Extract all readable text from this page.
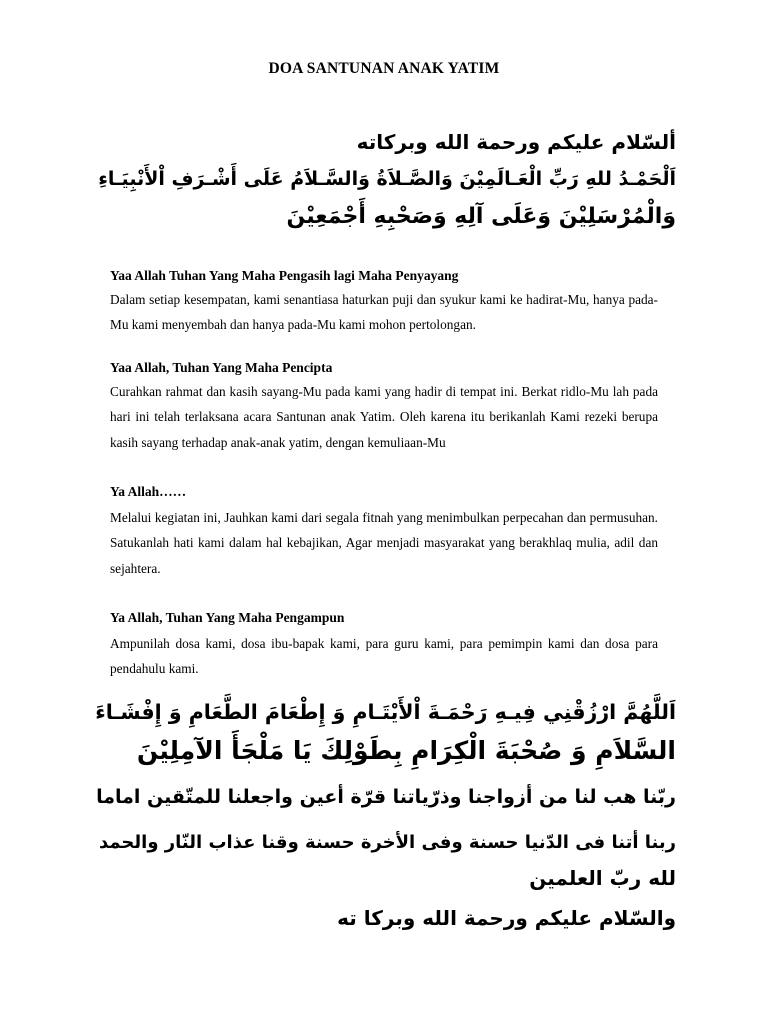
DOA SANTUNAN ANAK YATIM
ألسّلام عليكم ورحمة الله وبركاته
اَلْحَمْـدُ للهِ رَبِّ الْعَـالَمِيْنَ وَالصَّـلاَةُ وَالسَّـلاَمُ عَلَى أَشْـرَفِ اْلأَنْبِيَـاءِ
وَالْمُرْسَلِيْنَ وَعَلَى آلِهِ وَصَحْبِهِ أَجْمَعِيْنَ
Yaa Allah Tuhan Yang Maha Pengasih lagi Maha Penyayang
Dalam setiap kesempatan, kami senantiasa haturkan puji dan syukur kami ke hadirat-Mu, hanya pada-Mu kami menyembah dan hanya pada-Mu kami mohon pertolongan.
Yaa Allah, Tuhan Yang Maha Pencipta
Curahkan rahmat dan kasih sayang-Mu pada kami yang hadir di tempat ini. Berkat ridlo-Mu lah pada hari ini telah terlaksana acara Santunan anak Yatim. Oleh karena itu berikanlah Kami rezeki berupa kasih sayang terhadap anak-anak yatim, dengan kemuliaan-Mu
Ya Allah……
Melalui kegiatan ini, Jauhkan kami dari segala fitnah yang menimbulkan perpecahan dan permusuhan. Satukanlah hati kami dalam hal kebajikan, Agar menjadi masyarakat yang berakhlaq mulia, adil dan sejahtera.
Ya Allah, Tuhan Yang Maha Pengampun
Ampunilah dosa kami, dosa ibu-bapak kami, para guru kami, para pemimpin kami dan dosa para pendahulu kami.
اَللَّهُمَّ ارْزُقْنِي فِيـهِ رَحْمَـةَ اْلأَيْتَـامِ وَ إِطْعَامَ الطَّعَامِ وَ إِفْشَـاءَ
السَّلاَمِ وَ صُحْبَةَ الْكِرَامِ بِطَوْلِكَ يَا مَلْجَأَ الآمِلِيْنَ
ربّنا هب لنا من أزواجنا وذرّياتنا قرّة أعين واجعلنا للمتّقين اماما
ربنا أتنا فى الدّنيا حسنة وفى الأخرة حسنة وقنا عذاب النّار والحمد
لله ربّ العلمين
والسّلام عليكم ورحمة الله وبركا ته
